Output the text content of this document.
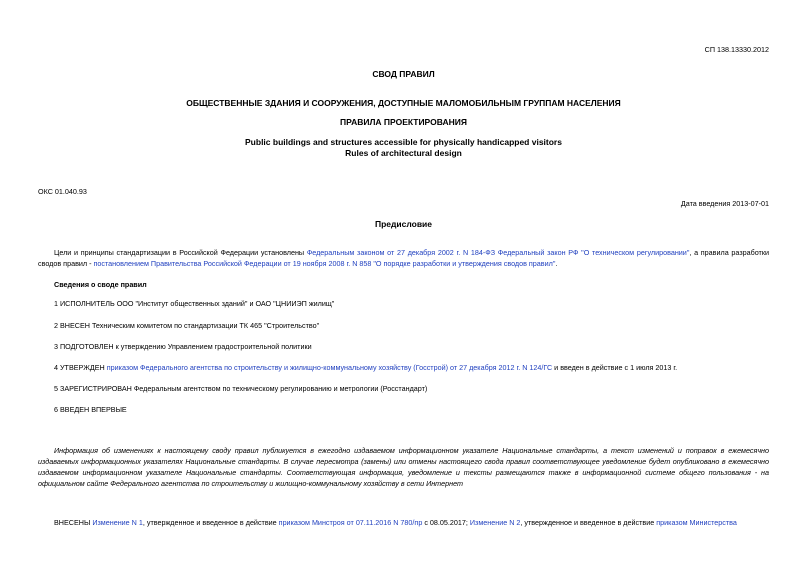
СП 138.13330.2012
СВОД ПРАВИЛ
ОБЩЕСТВЕННЫЕ ЗДАНИЯ И СООРУЖЕНИЯ, ДОСТУПНЫЕ МАЛОМОБИЛЬНЫМ ГРУППАМ НАСЕЛЕНИЯ
ПРАВИЛА ПРОЕКТИРОВАНИЯ
Public buildings and structures accessible for physically handicapped visitors
Rules of architectural design
ОКС 01.040.93
Дата введения 2013-07-01
Предисловие
Цели и принципы стандартизации в Российской Федерации установлены Федеральным законом от 27 декабря 2002 г. N 184-ФЗ Федеральный закон РФ "О техническом регулировании", а правила разработки сводов правил - постановлением Правительства Российской Федерации от 19 ноября 2008 г. N 858 "О порядке разработки и утверждения сводов правил".
Сведения о своде правил
1 ИСПОЛНИТЕЛЬ ООО "Институт общественных зданий" и ОАО "ЦНИИЭП жилищ"
2 ВНЕСЕН Техническим комитетом по стандартизации ТК 465 "Строительство"
3 ПОДГОТОВЛЕН к утверждению Управлением градостроительной политики
4 УТВЕРЖДЕН приказом Федерального агентства по строительству и жилищно-коммунальному хозяйству (Госстрой) от 27 декабря 2012 г. N 124/ГС и введен в действие с 1 июля 2013 г.
5 ЗАРЕГИСТРИРОВАН Федеральным агентством по техническому регулированию и метрологии (Росстандарт)
6 ВВЕДЕН ВПЕРВЫЕ
Информация об изменениях к настоящему своду правил публикуется в ежегодно издаваемом информационном указателе Национальные стандарты, а текст изменений и поправок в ежемесячно издаваемых информационных указателях Национальные стандарты. В случае пересмотра (замены) или отмены настоящего свода правил соответствующее уведомление будет опубликовано в ежемесячно издаваемом информационном указателе Национальные стандарты. Соответствующая информация, уведомление и тексты размещаются также в информационной системе общего пользования - на официальном сайте Федерального агентства по строительству и жилищно-коммунальному хозяйству в сети Интернет
ВНЕСЕНЫ Изменение N 1, утвержденное и введенное в действие приказом Минстроя от 07.11.2016 N 780/пр с 08.05.2017; Изменение N 2, утвержденное и введенное в действие приказом Министерства
